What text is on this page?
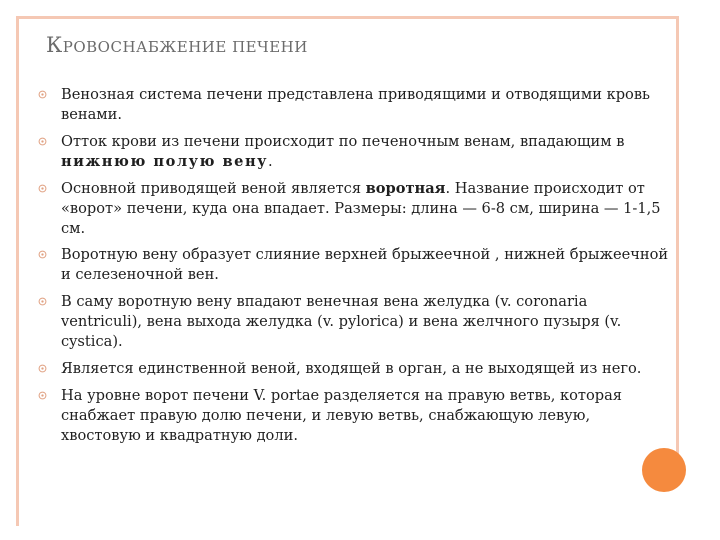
КРОВОСНАБЖЕНИЕ ПЕЧЕНИ
Венозная система печени представлена приводящими и отводящими кровь венами.
Отток крови из печени происходит по печеночным венам, впадающим в нижнюю полую вену.
Основной приводящей веной является воротная. Название происходит от «ворот» печени, куда она впадает. Размеры: длина — 6-8 см, ширина — 1-1,5 см.
Воротную вену образует слияние верхней брыжеечной , нижней брыжеечной и селезеночной вен.
В саму воротную вену впадают венечная вена желудка (v. coronaria ventriculi), вена выхода желудка (v. pylorica) и вена желчного пузыря (v. cystica).
Является единственной веной, входящей в орган, а не выходящей из него.
На уровне ворот печени V. portae разделяется на правую ветвь, которая снабжает правую долю печени, и левую ветвь, снабжающую левую, хвостовую и квадратную доли.
